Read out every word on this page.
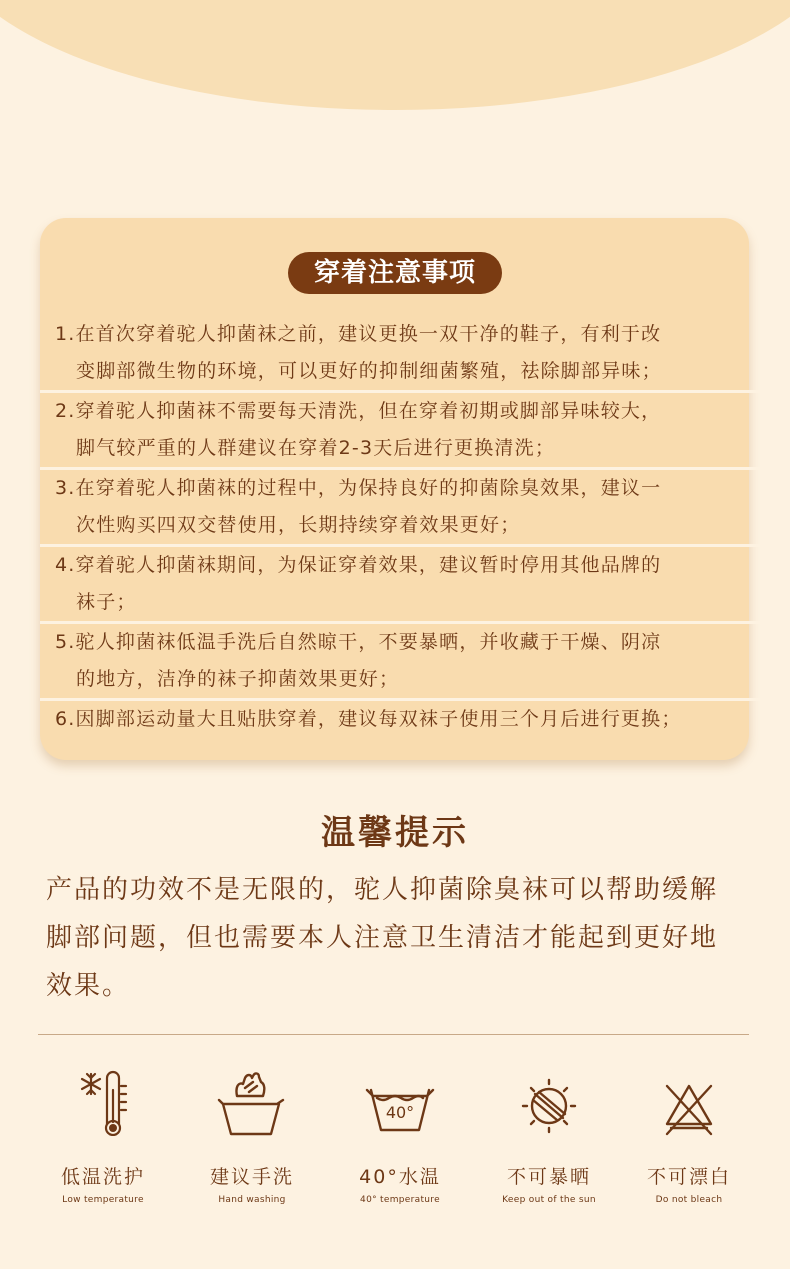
穿着注意事项
1.在首次穿着驼人抑菌袜之前，建议更换一双干净的鞋子，有利于改
变脚部微生物的环境，可以更好的抑制细菌繁殖，祛除脚部异味；
2.穿着驼人抑菌袜不需要每天清洗，但在穿着初期或脚部异味较大，
脚气较严重的人群建议在穿着2-3天后进行更换清洗；
3.在穿着驼人抑菌袜的过程中，为保持良好的抑菌除臭效果，建议一
次性购买四双交替使用，长期持续穿着效果更好；
4.穿着驼人抑菌袜期间，为保证穿着效果，建议暂时停用其他品牌的
袜子；
5.驼人抑菌袜低温手洗后自然晾干，不要暴晒，并收藏于干燥、阴凉
的地方，洁净的袜子抑菌效果更好；
6.因脚部运动量大且贴肤穿着，建议每双袜子使用三个月后进行更换；
温馨提示
产品的功效不是无限的，驼人抑菌除臭袜可以帮助缓解
脚部问题，但也需要本人注意卫生清洁才能起到更好地
效果。
低温洗护
Low temperature
建议手洗
Hand washing
40°
40°水温
40° temperature
不可暴晒
Keep out of the sun
不可漂白
Do not bleach
